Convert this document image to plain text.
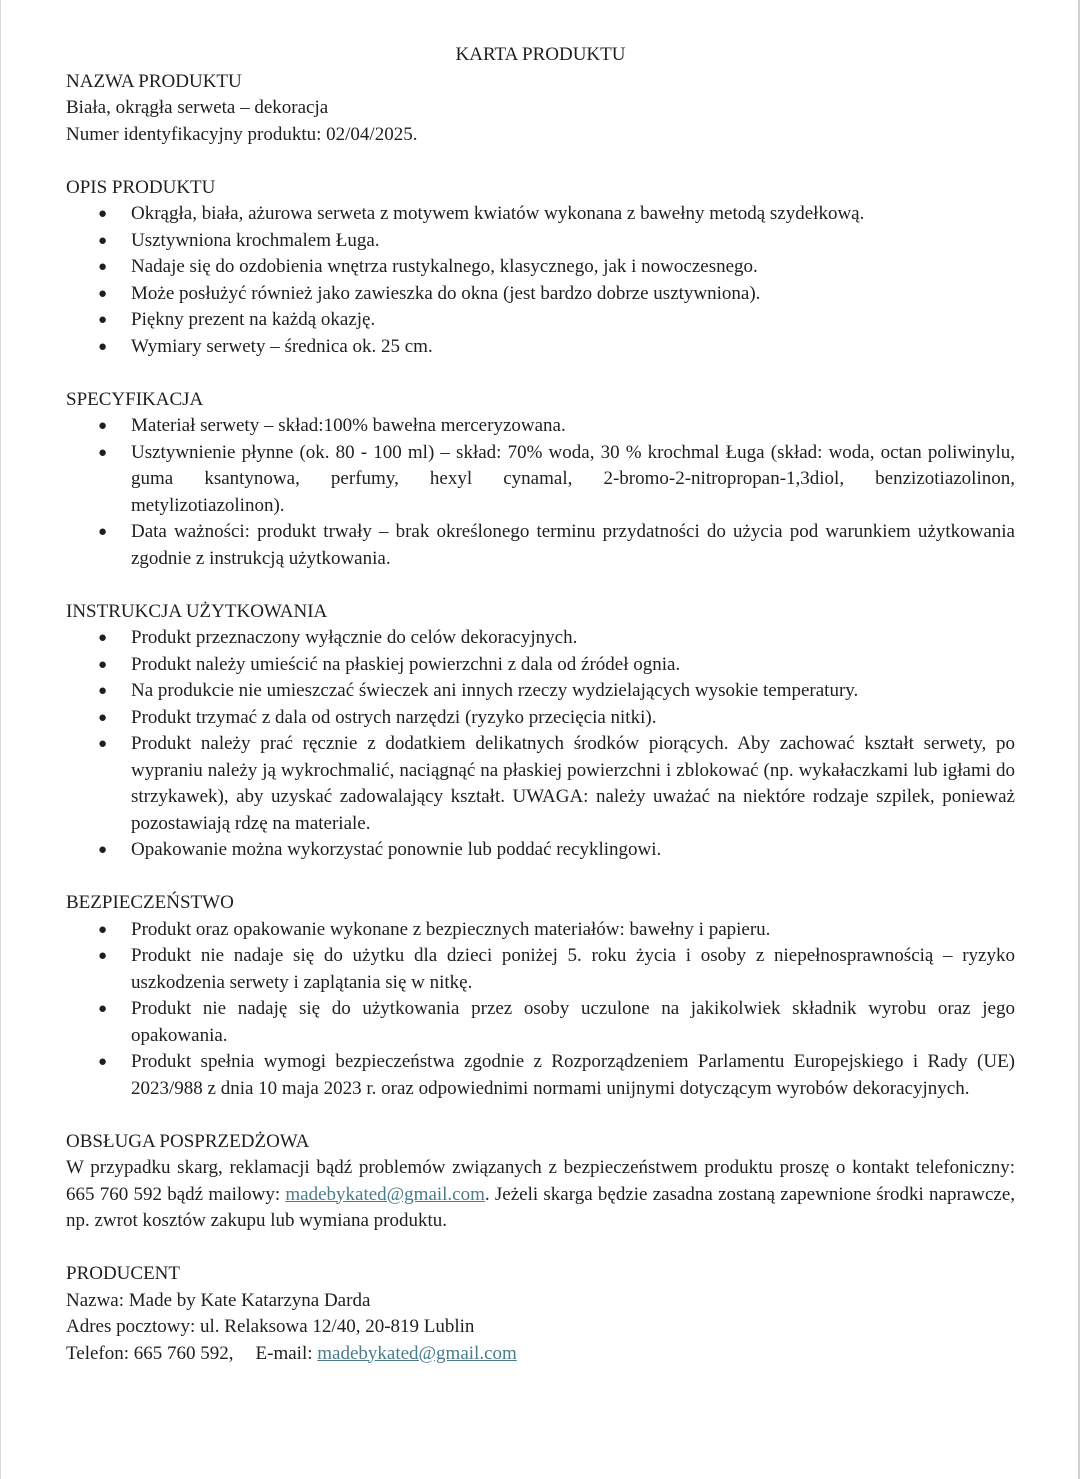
KARTA PRODUKTU

NAZWA PRODUKTU

Biała, okrągła serweta – dekoracja

Numer identyfikacyjny produktu: 02/04/2025.

OPIS PRODUKTU

● Okrągła, biała, ażurowa serweta z motywem kwiatów wykonana z bawełny metodą szydełkową.
● Usztywniona krochmalem Ługa.
● Nadaje się do ozdobienia wnętrza rustykalnego, klasycznego, jak i nowoczesnego.
● Może posłużyć również jako zawieszka do okna (jest bardzo dobrze usztywniona).
● Piękny prezent na każdą okazję.
● Wymiary serwety – średnica ok. 25 cm.

SPECYFIKACJA

● Materiał serwety – skład:100% bawełna merceryzowana.
● Usztywnienie płynne (ok. 80 - 100 ml) – skład: 70% woda, 30 % krochmal Ługa (skład: woda, octan poliwinylu, guma ksantynowa, perfumy, hexyl cynamal, 2-bromo-2-nitropropan-1,3diol, benzizotiazolinon, metylizotiazolinon).
● Data ważności: produkt trwały – brak określonego terminu przydatności do użycia pod warunkiem użytkowania zgodnie z instrukcją użytkowania.

INSTRUKCJA UŻYTKOWANIA

● Produkt przeznaczony wyłącznie do celów dekoracyjnych.
● Produkt należy umieścić na płaskiej powierzchni z dala od źródeł ognia.
● Na produkcie nie umieszczać świeczek ani innych rzeczy wydzielających wysokie temperatury.
● Produkt trzymać z dala od ostrych narzędzi (ryzyko przecięcia nitki).
● Produkt należy prać ręcznie z dodatkiem delikatnych środków piorących. Aby zachować kształt serwety, po wypraniu należy ją wykrochmalić, naciągnąć na płaskiej powierzchni i zblokować (np. wykałaczkami lub igłami do strzykawek), aby uzyskać zadowalający kształt. UWAGA: należy uważać na niektóre rodzaje szpilek, ponieważ pozostawiają rdzę na materiale.
● Opakowanie można wykorzystać ponownie lub poddać recyklingowi.

BEZPIECZEŃSTWO

● Produkt oraz opakowanie wykonane z bezpiecznych materiałów: bawełny i papieru.
● Produkt nie nadaje się do użytku dla dzieci poniżej 5. roku życia i osoby z niepełnosprawnością – ryzyko uszkodzenia serwety i zaplątania się w nitkę.
● Produkt nie nadaję się do użytkowania przez osoby uczulone na jakikolwiek składnik wyrobu oraz jego opakowania.
● Produkt spełnia wymogi bezpieczeństwa zgodnie z Rozporządzeniem Parlamentu Europejskiego i Rady (UE) 2023/988 z dnia 10 maja 2023 r. oraz odpowiednimi normami unijnymi dotyczącym wyrobów dekoracyjnych.

OBSŁUGA POSPRZEDŻOWA

W przypadku skarg, reklamacji bądź problemów związanych z bezpieczeństwem produktu proszę o kontakt telefoniczny: 665 760 592 bądź mailowy: madebykated@gmail.com. Jeżeli skarga będzie zasadna zostaną zapewnione środki naprawcze, np. zwrot kosztów zakupu lub wymiana produktu.

PRODUCENT

Nazwa: Made by Kate Katarzyna Darda

Adres pocztowy: ul. Relaksowa 12/40, 20-819 Lublin

Telefon: 665 760 592, E-mail: madebykated@gmail.com
